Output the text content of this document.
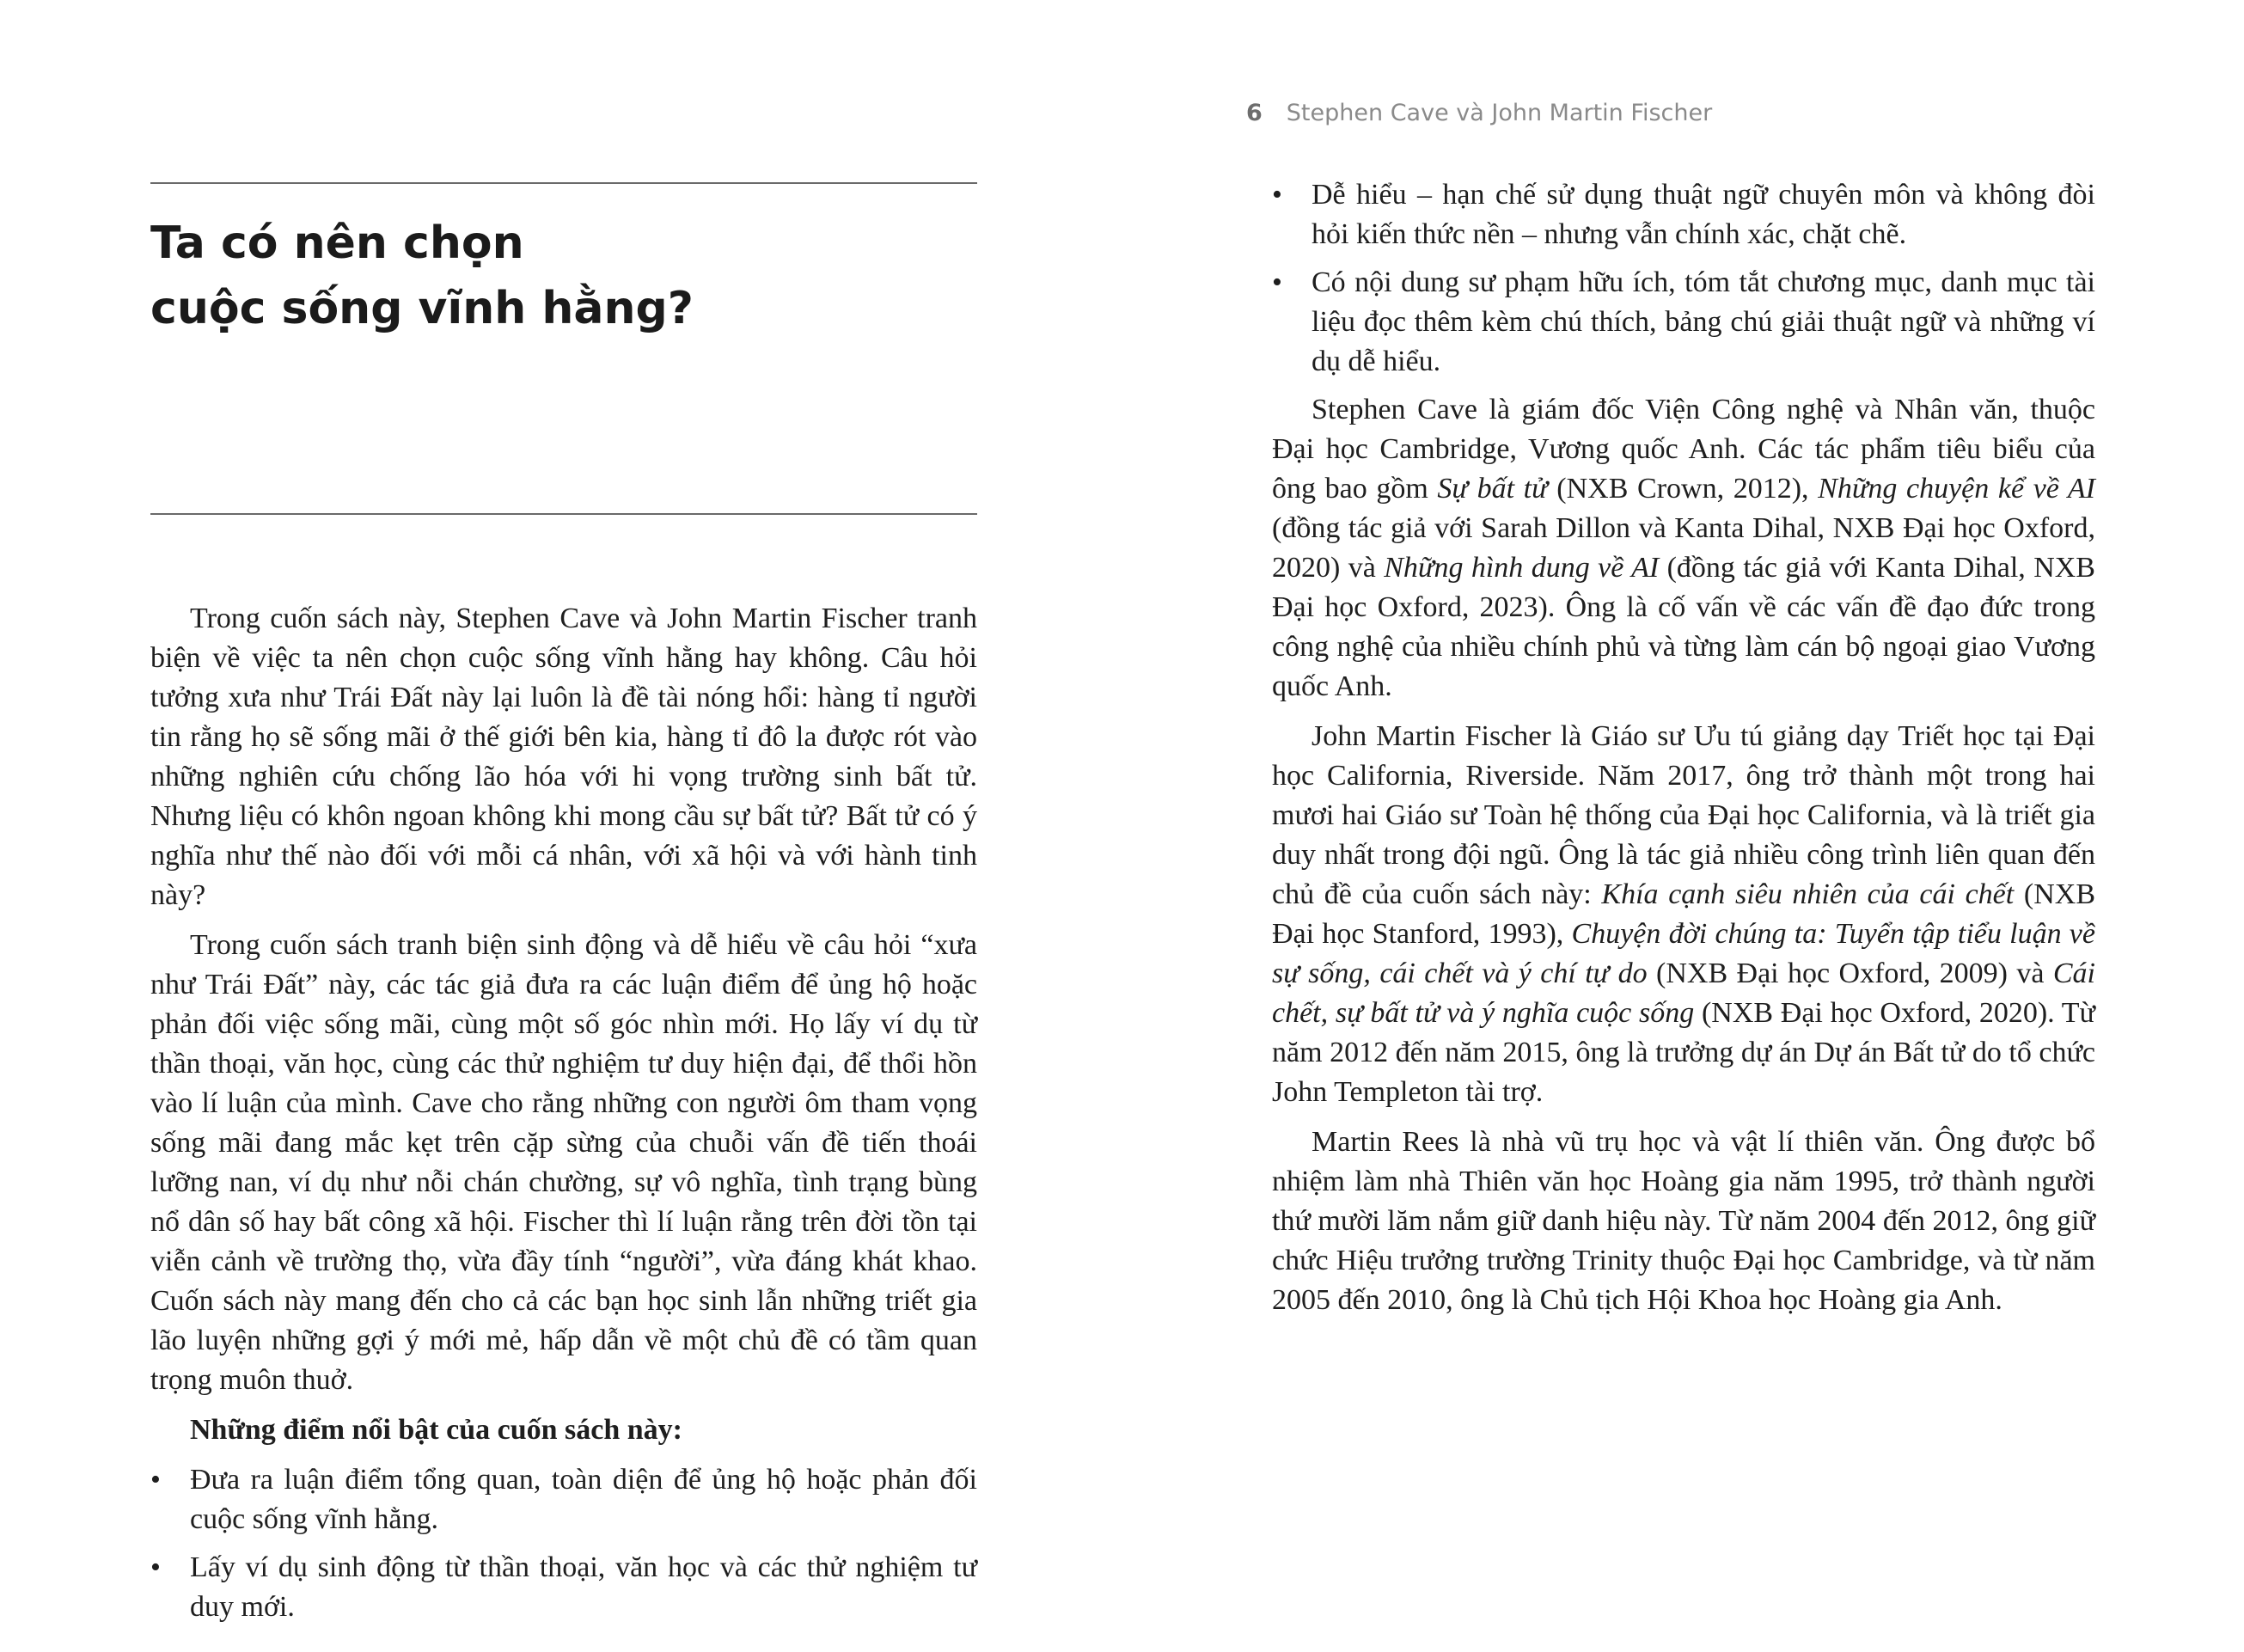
Ta có nên chọn
cuộc sống vĩnh hằng?

Trong cuốn sách này, Stephen Cave và John Martin Fischer tranh biện về việc ta nên chọn cuộc sống vĩnh hằng hay không. Câu hỏi tưởng xưa như Trái Đất này lại luôn là đề tài nóng hổi: hàng tỉ người tin rằng họ sẽ sống mãi ở thế giới bên kia, hàng tỉ đô la được rót vào những nghiên cứu chống lão hóa với hi vọng trường sinh bất tử. Nhưng liệu có khôn ngoan không khi mong cầu sự bất tử? Bất tử có ý nghĩa như thế nào đối với mỗi cá nhân, với xã hội và với hành tinh này?

Trong cuốn sách tranh biện sinh động và dễ hiểu về câu hỏi “xưa như Trái Đất” này, các tác giả đưa ra các luận điểm để ủng hộ hoặc phản đối việc sống mãi, cùng một số góc nhìn mới. Họ lấy ví dụ từ thần thoại, văn học, cùng các thử nghiệm tư duy hiện đại, để thổi hồn vào lí luận của mình. Cave cho rằng những con người ôm tham vọng sống mãi đang mắc kẹt trên cặp sừng của chuỗi vấn đề tiến thoái lưỡng nan, ví dụ như nỗi chán chường, sự vô nghĩa, tình trạng bùng nổ dân số hay bất công xã hội. Fischer thì lí luận rằng trên đời tồn tại viễn cảnh về trường thọ, vừa đầy tính “người”, vừa đáng khát khao. Cuốn sách này mang đến cho cả các bạn học sinh lẫn những triết gia lão luyện những gợi ý mới mẻ, hấp dẫn về một chủ đề có tầm quan trọng muôn thuở.

Những điểm nổi bật của cuốn sách này:

•	Đưa ra luận điểm tổng quan, toàn diện để ủng hộ hoặc phản đối cuộc sống vĩnh hằng.
•	Lấy ví dụ sinh động từ thần thoại, văn học và các thử nghiệm tư duy mới.
6 Stephen Cave và John Martin Fischer
•	Dễ hiểu – hạn chế sử dụng thuật ngữ chuyên môn và không đòi hỏi kiến thức nền – nhưng vẫn chính xác, chặt chẽ.
•	Có nội dung sư phạm hữu ích, tóm tắt chương mục, danh mục tài liệu đọc thêm kèm chú thích, bảng chú giải thuật ngữ và những ví dụ dễ hiểu.

Stephen Cave là giám đốc Viện Công nghệ và Nhân văn, thuộc Đại học Cambridge, Vương quốc Anh. Các tác phẩm tiêu biểu của ông bao gồm Sự bất tử (NXB Crown, 2012), Những chuyện kể về AI (đồng tác giả với Sarah Dillon và Kanta Dihal, NXB Đại học Oxford, 2020) và Những hình dung về AI (đồng tác giả với Kanta Dihal, NXB Đại học Oxford, 2023). Ông là cố vấn về các vấn đề đạo đức trong công nghệ của nhiều chính phủ và từng làm cán bộ ngoại giao Vương quốc Anh.

John Martin Fischer là Giáo sư Ưu tú giảng dạy Triết học tại Đại học California, Riverside. Năm 2017, ông trở thành một trong hai mươi hai Giáo sư Toàn hệ thống của Đại học California, và là triết gia duy nhất trong đội ngũ. Ông là tác giả nhiều công trình liên quan đến chủ đề của cuốn sách này: Khía cạnh siêu nhiên của cái chết (NXB Đại học Stanford, 1993), Chuyện đời chúng ta: Tuyển tập tiểu luận về sự sống, cái chết và ý chí tự do (NXB Đại học Oxford, 2009) và Cái chết, sự bất tử và ý nghĩa cuộc sống (NXB Đại học Oxford, 2020). Từ năm 2012 đến năm 2015, ông là trưởng dự án Dự án Bất tử do tổ chức John Templeton tài trợ.

Martin Rees là nhà vũ trụ học và vật lí thiên văn. Ông được bổ nhiệm làm nhà Thiên văn học Hoàng gia năm 1995, trở thành người thứ mười lăm nắm giữ danh hiệu này. Từ năm 2004 đến 2012, ông giữ chức Hiệu trưởng trường Trinity thuộc Đại học Cambridge, và từ năm 2005 đến 2010, ông là Chủ tịch Hội Khoa học Hoàng gia Anh.
